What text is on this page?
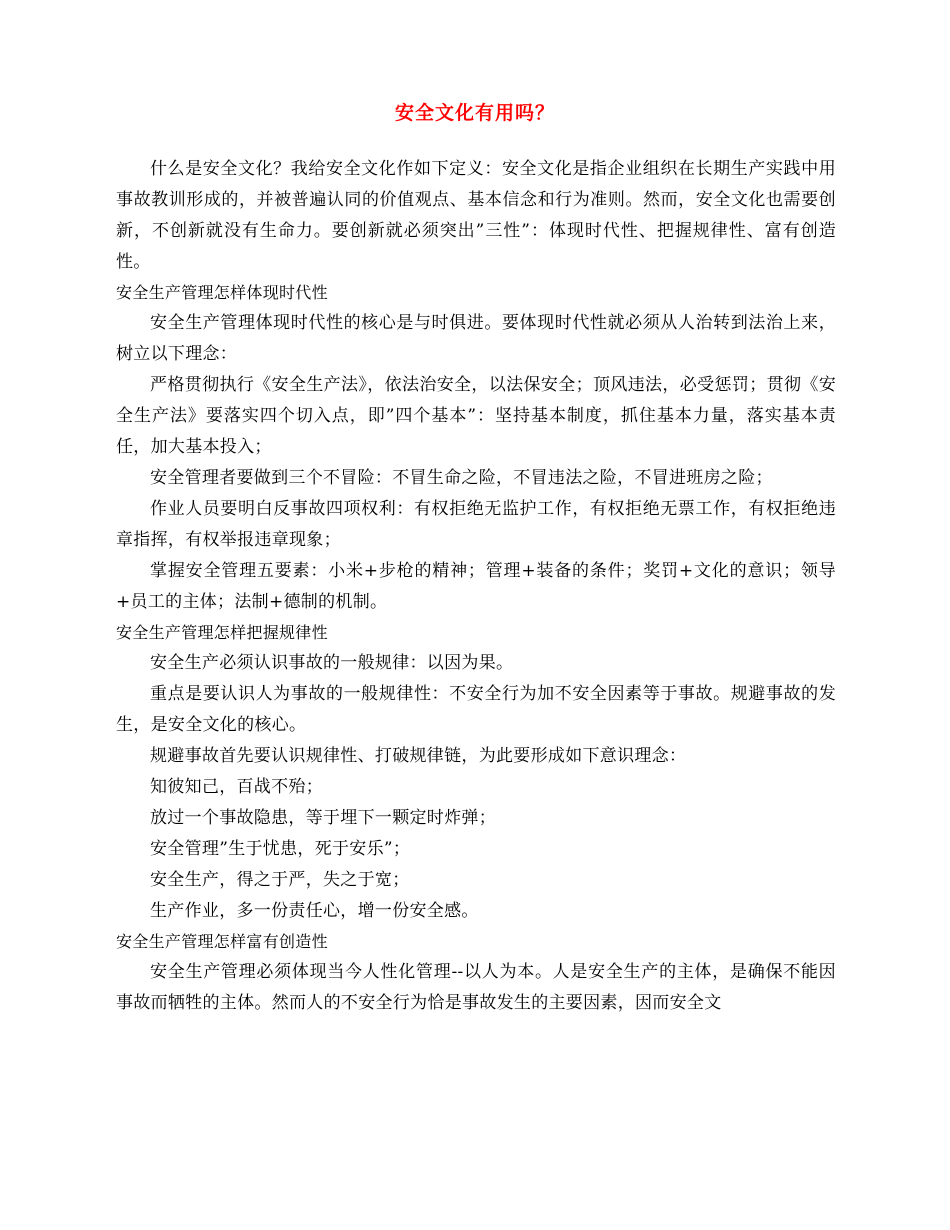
安全文化有用吗？

什么是安全文化？我给安全文化作如下定义：安全文化是指企业组织在长期生产实践中用事故教训形成的，并被普遍认同的价值观点、基本信念和行为准则。然而，安全文化也需要创新，不创新就没有生命力。要创新就必须突出”三性”：体现时代性、把握规律性、富有创造性。

安全生产管理怎样体现时代性

安全生产管理体现时代性的核心是与时俱进。要体现时代性就必须从人治转到法治上来，树立以下理念：

严格贯彻执行《安全生产法》，依法治安全，以法保安全；顶风违法，必受惩罚；贯彻《安全生产法》要落实四个切入点，即”四个基本”：坚持基本制度，抓住基本力量，落实基本责任，加大基本投入；

安全管理者要做到三个不冒险：不冒生命之险，不冒违法之险，不冒进班房之险；

作业人员要明白反事故四项权利：有权拒绝无监护工作，有权拒绝无票工作，有权拒绝违章指挥，有权举报违章现象；

掌握安全管理五要素：小米+步枪的精神；管理+装备的条件；奖罚+文化的意识；领导+员工的主体；法制+德制的机制。

安全生产管理怎样把握规律性

安全生产必须认识事故的一般规律：以因为果。

重点是要认识人为事故的一般规律性：不安全行为加不安全因素等于事故。规避事故的发生，是安全文化的核心。

规避事故首先要认识规律性、打破规律链，为此要形成如下意识理念：

知彼知己，百战不殆；

放过一个事故隐患，等于埋下一颗定时炸弹；

安全管理”生于忧患，死于安乐”；

安全生产，得之于严，失之于宽；

生产作业，多一份责任心，增一份安全感。

安全生产管理怎样富有创造性

安全生产管理必须体现当今人性化管理--以人为本。人是安全生产的主体，是确保不能因事故而牺牲的主体。然而人的不安全行为恰是事故发生的主要因素，因而安全文
